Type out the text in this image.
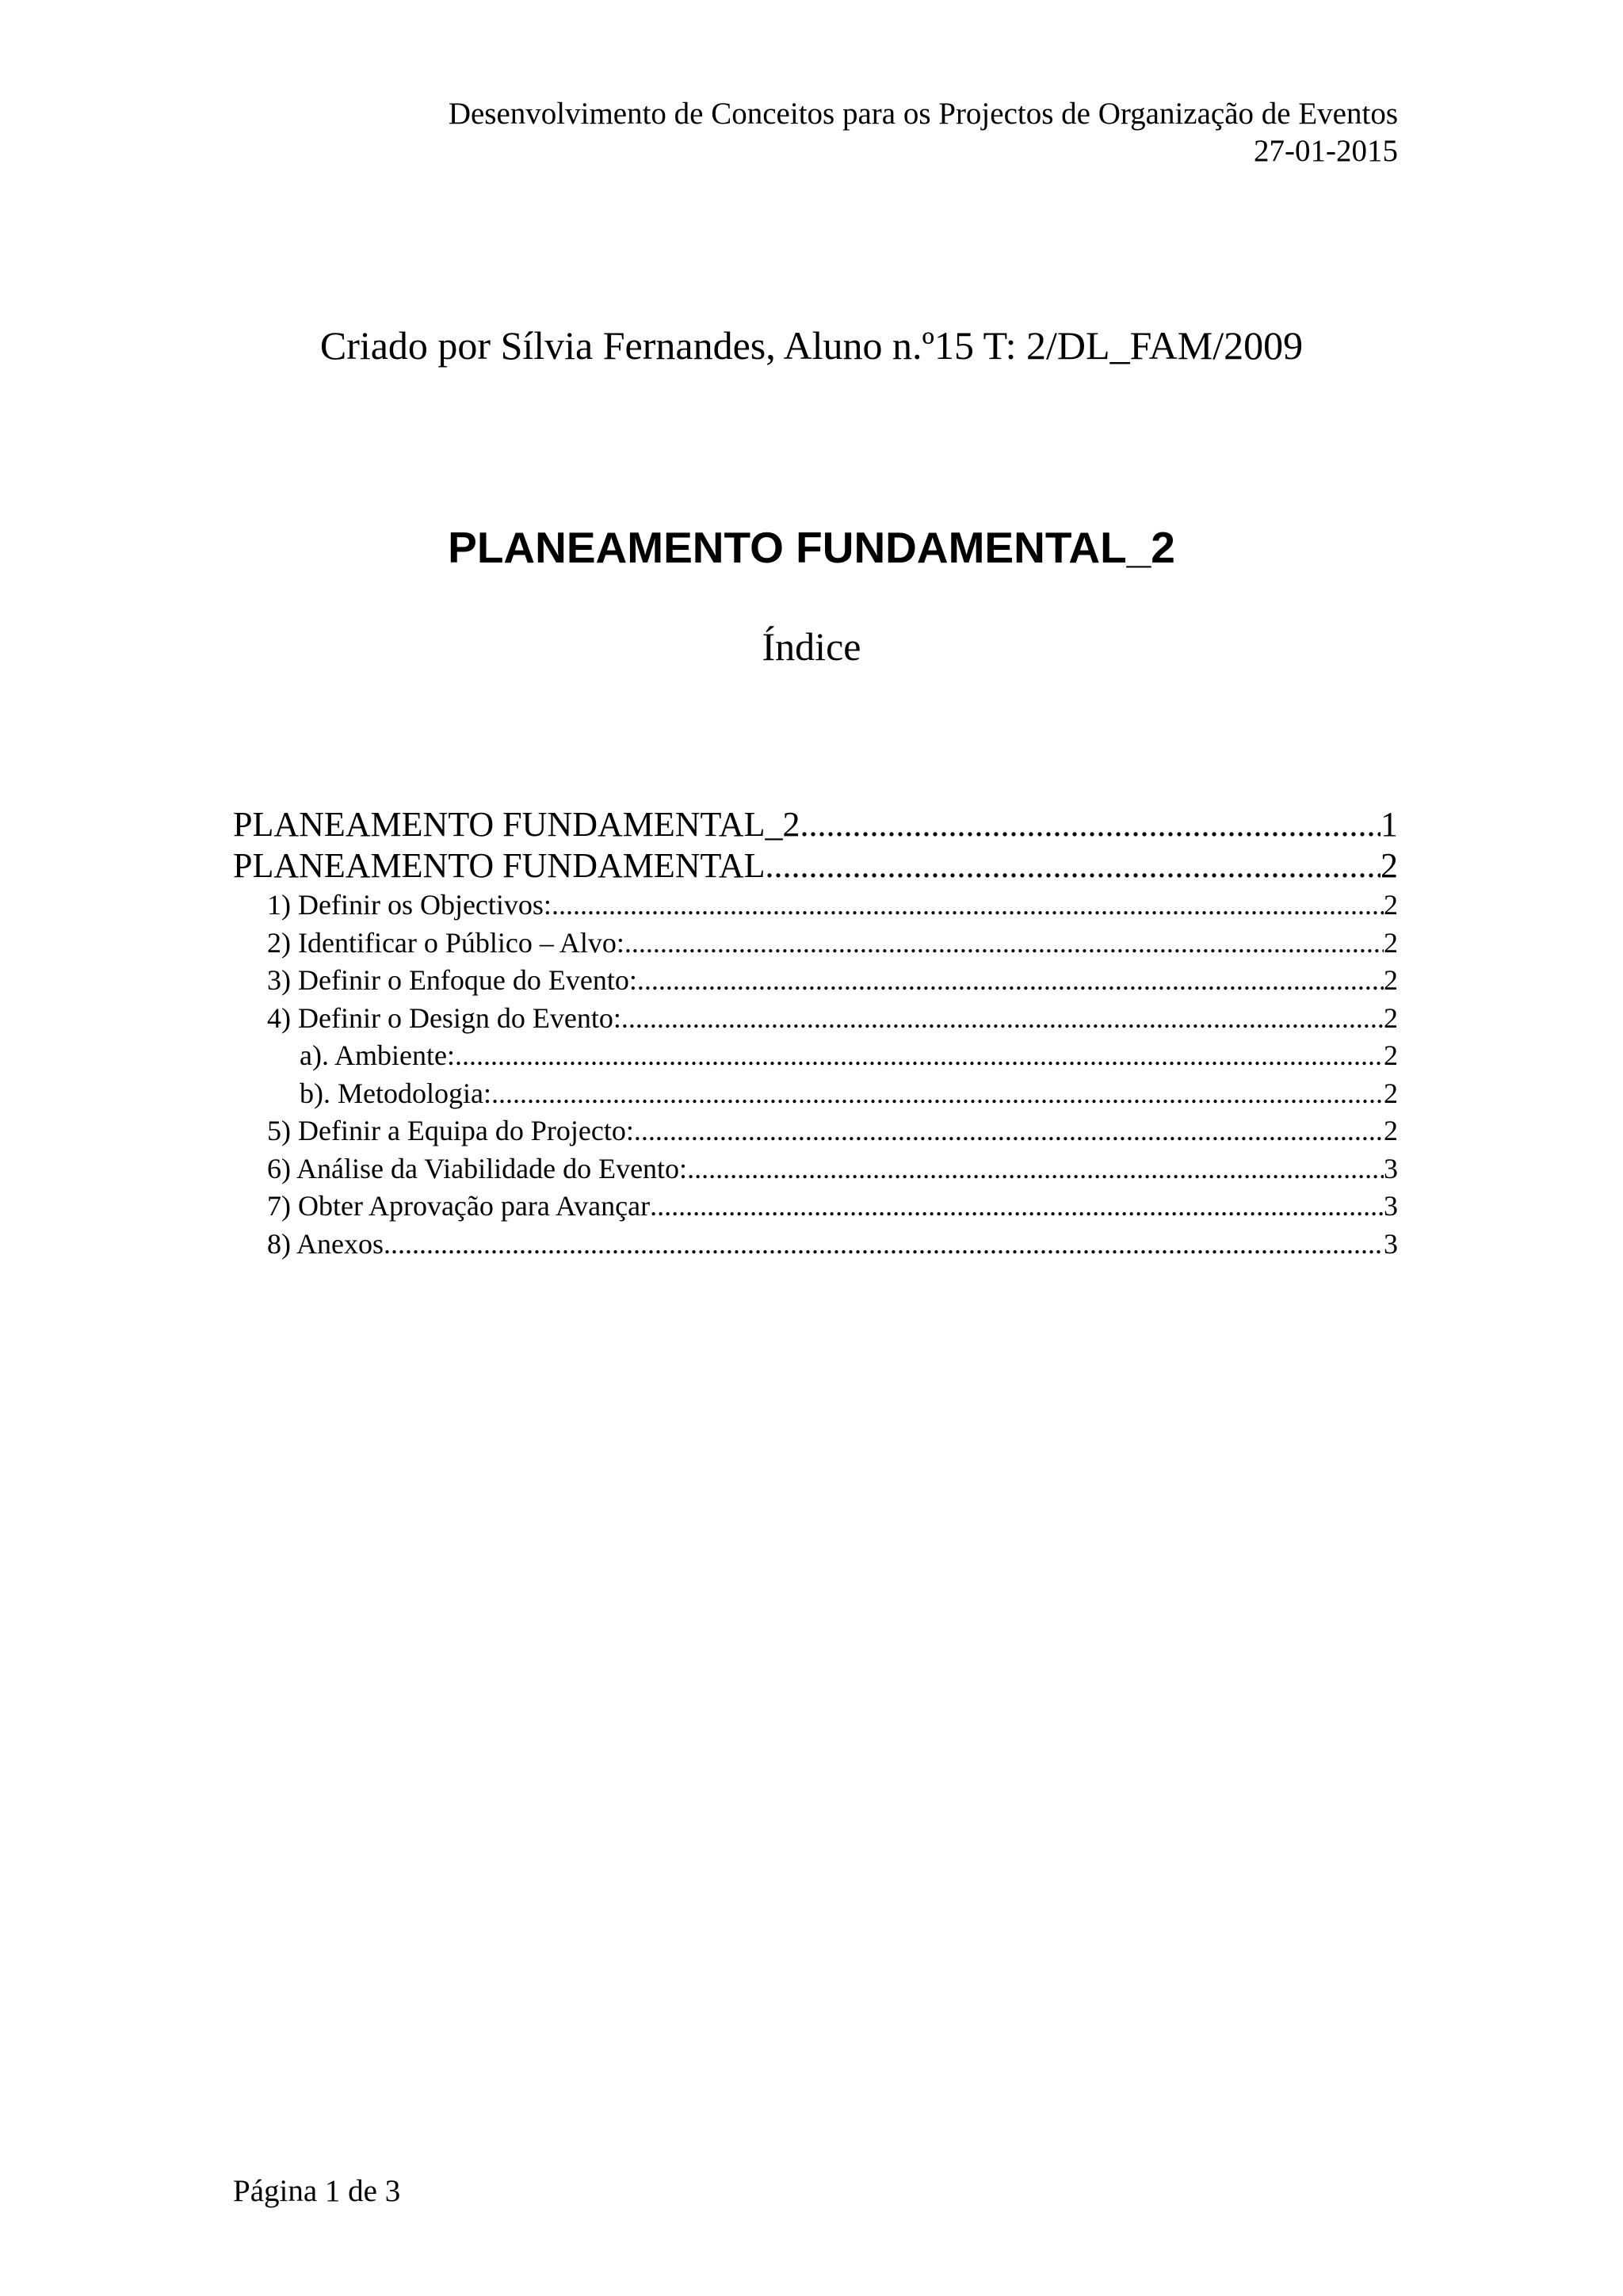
Desenvolvimento de Conceitos para os Projectos de Organização de Eventos
27-01-2015
Criado por Sílvia Fernandes, Aluno n.º15 T: 2/DL_FAM/2009
PLANEAMENTO FUNDAMENTAL_2
Índice
PLANEAMENTO FUNDAMENTAL_2 .....	1
PLANEAMENTO FUNDAMENTAL .....	2
1) Definir os Objectivos: .....	2
2) Identificar o Público – Alvo: .....	2
3) Definir o Enfoque do Evento: .....	2
4) Definir o Design do Evento: .....	2
a). Ambiente: .....	2
b). Metodologia: .....	2
5) Definir a Equipa do Projecto: .....	2
6) Análise da Viabilidade do Evento: .....	3
7) Obter Aprovação para Avançar .....	3
8) Anexos .....	3
Página 1 de 3
